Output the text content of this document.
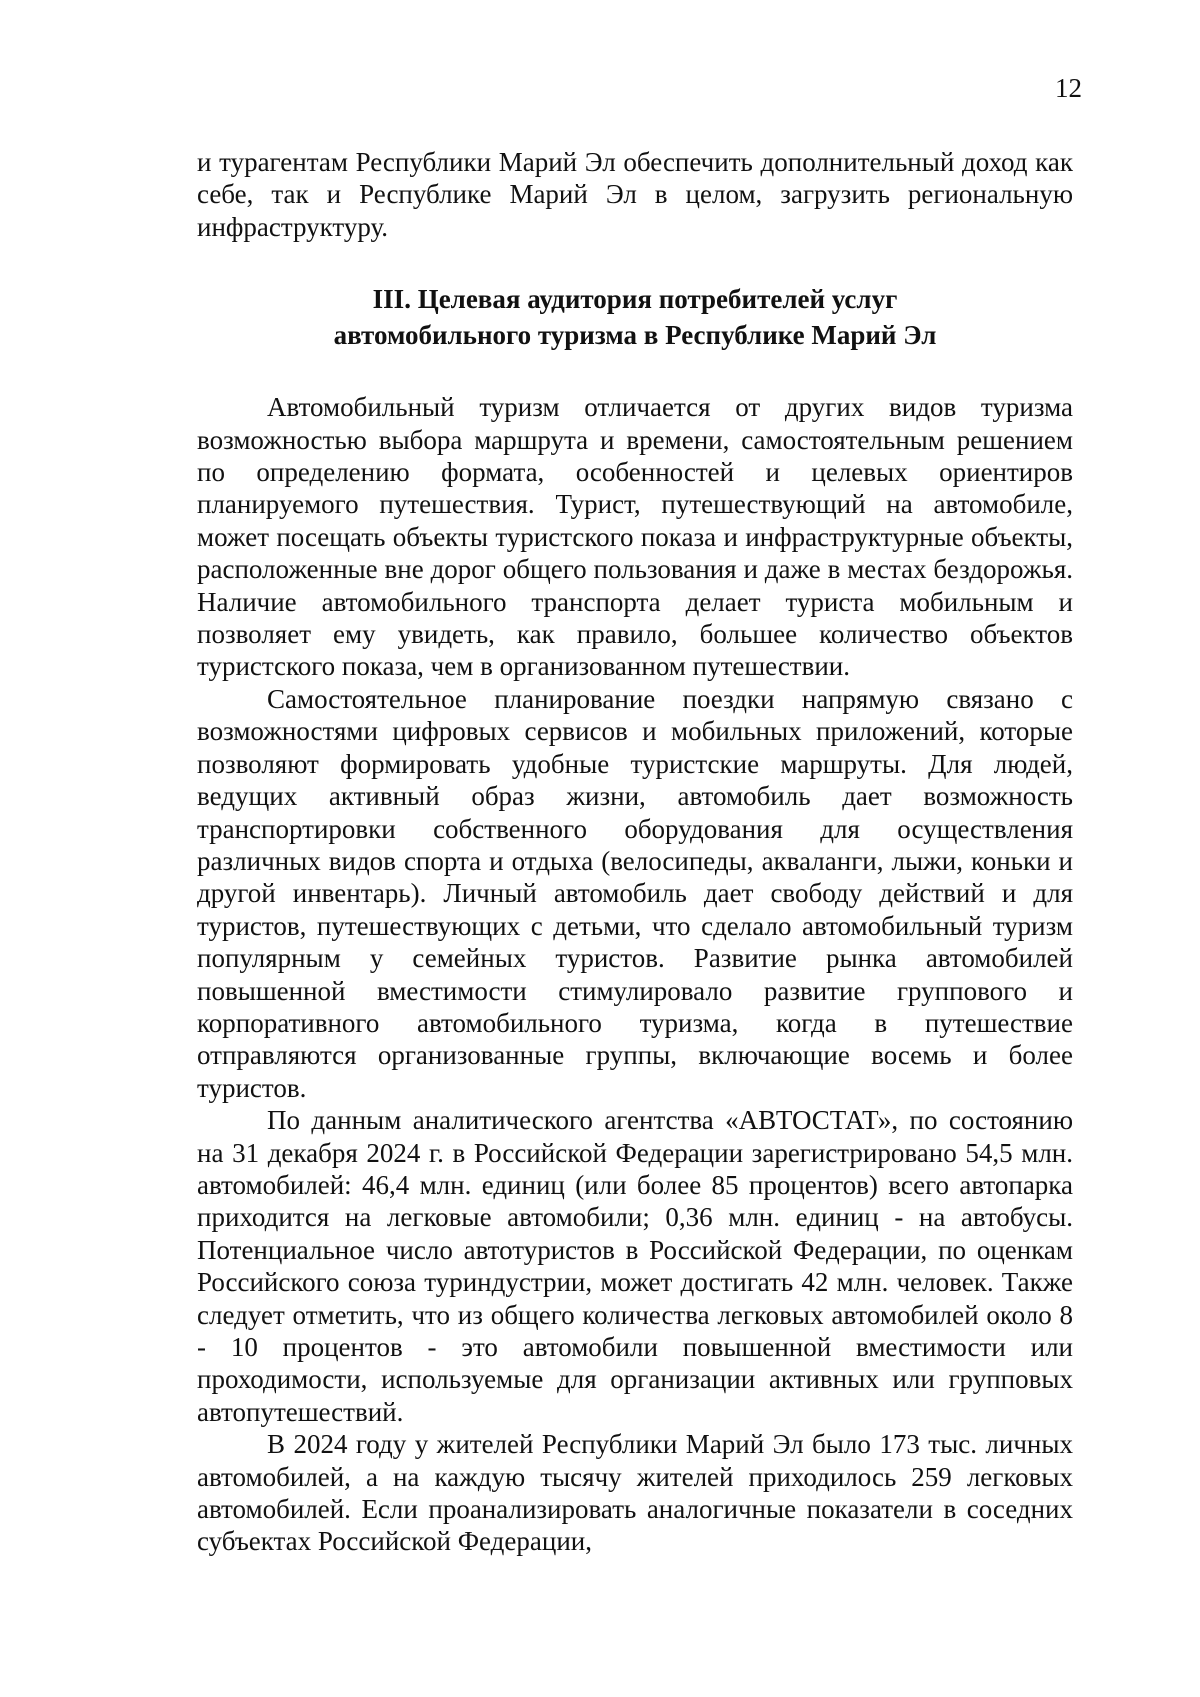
12

и турагентам Республики Марий Эл обеспечить дополнительный доход как себе, так и Республике Марий Эл в целом, загрузить региональную инфраструктуру.

III. Целевая аудитория потребителей услуг
автомобильного туризма в Республике Марий Эл

Автомобильный туризм отличается от других видов туризма возможностью выбора маршрута и времени, самостоятельным решением по определению формата, особенностей и целевых ориентиров планируемого путешествия. Турист, путешествующий на автомобиле, может посещать объекты туристского показа и инфраструктурные объекты, расположенные вне дорог общего пользования и даже в местах бездорожья. Наличие автомобильного транспорта делает туриста мобильным и позволяет ему увидеть, как правило, большее количество объектов туристского показа, чем в организованном путешествии.

Самостоятельное планирование поездки напрямую связано с возможностями цифровых сервисов и мобильных приложений, которые позволяют формировать удобные туристские маршруты. Для людей, ведущих активный образ жизни, автомобиль дает возможность транспортировки собственного оборудования для осуществления различных видов спорта и отдыха (велосипеды, акваланги, лыжи, коньки и другой инвентарь). Личный автомобиль дает свободу действий и для туристов, путешествующих с детьми, что сделало автомобильный туризм популярным у семейных туристов. Развитие рынка автомобилей повышенной вместимости стимулировало развитие группового и корпоративного автомобильного туризма, когда в путешествие отправляются организованные группы, включающие восемь и более туристов.

По данным аналитического агентства «АВТОСТАТ», по состоянию на 31 декабря 2024 г. в Российской Федерации зарегистрировано 54,5 млн. автомобилей: 46,4 млн. единиц (или более 85 процентов) всего автопарка приходится на легковые автомобили; 0,36 млн. единиц - на автобусы. Потенциальное число автотуристов в Российской Федерации, по оценкам Российского союза туриндустрии, может достигать 42 млн. человек. Также следует отметить, что из общего количества легковых автомобилей около 8 - 10 процентов - это автомобили повышенной вместимости или проходимости, используемые для организации активных или групповых автопутешествий.

В 2024 году у жителей Республики Марий Эл было 173 тыс. личных автомобилей, а на каждую тысячу жителей приходилось 259 легковых автомобилей. Если проанализировать аналогичные показатели в соседних субъектах Российской Федерации,
